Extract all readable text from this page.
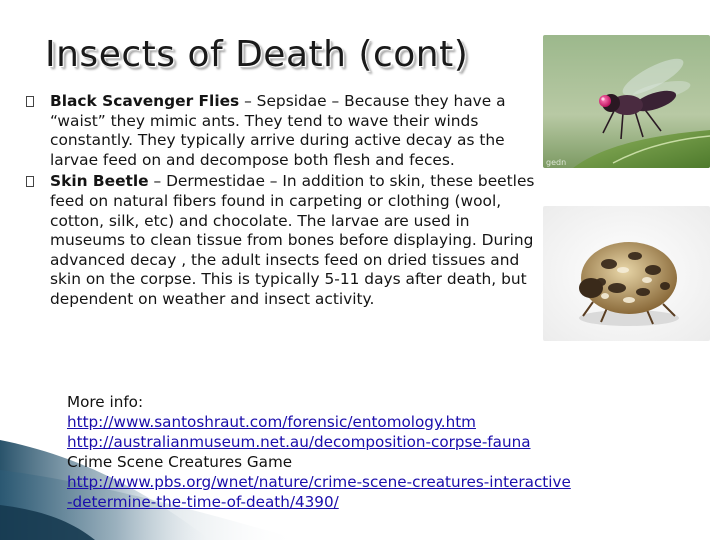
Insects of Death (cont)
Black Scavenger Flies – Sepsidae – Because they have a “waist” they mimic ants. They tend to wave their winds constantly. They typically arrive during active decay as the larvae feed on and decompose both flesh and feces.
Skin Beetle – Dermestidae – In addition to skin, these beetles feed on natural fibers found in carpeting or clothing (wool, cotton, silk, etc) and chocolate. The larvae are used in museums to clean tissue from bones before displaying. During advanced decay , the adult insects feed on dried tissues and skin on the corpse. This is typically 5-11 days after death, but dependent on weather and insect activity.
gedn
More info:
http://www.santoshraut.com/forensic/entomology.htm
http://australianmuseum.net.au/decomposition-corpse-fauna
Crime Scene Creatures Game
http://www.pbs.org/wnet/nature/crime-scene-creatures-interactive
-determine-the-time-of-death/4390/
